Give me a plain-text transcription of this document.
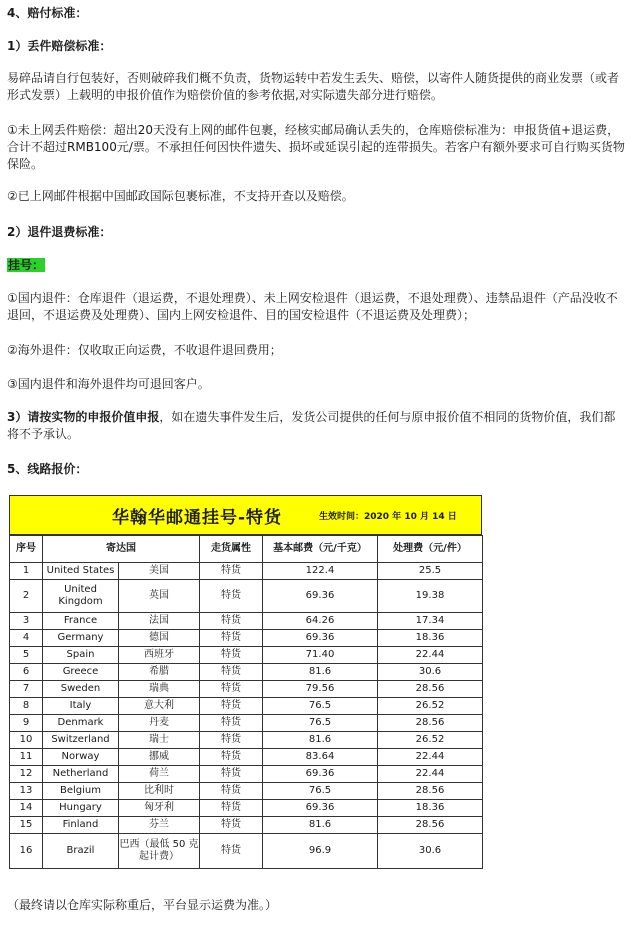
4、赔付标准：
1）丢件赔偿标准：
易碎品请自行包装好，否则破碎我们概不负责，货物运转中若发生丢失、赔偿，以寄件人随货提供的商业发票（或者形式发票）上载明的申报价值作为赔偿价值的参考依据,对实际遗失部分进行赔偿。
①未上网丢件赔偿：超出20天没有上网的邮件包裹，经核实邮局确认丢失的，仓库赔偿标准为：申报货值+退运费，合计不超过RMB100元/票。不承担任何因快件遗失、损坏或延误引起的连带损失。若客户有额外要求可自行购买货物保险。
②已上网邮件根据中国邮政国际包裹标准，不支持开查以及赔偿。
2）退件退费标准：
挂号：
①国内退件：仓库退件（退运费，不退处理费）、未上网安检退件（退运费，不退处理费）、违禁品退件（产品没收不退回，不退运费及处理费）、国内上网安检退件、目的国安检退件（不退运费及处理费）；
②海外退件：仅收取正向运费，不收退件退回费用；
③国内退件和海外退件均可退回客户。
3）请按实物的申报价值申报，如在遗失事件发生后，发货公司提供的任何与原申报价值不相同的货物价值，我们都将不予承认。
5、线路报价：
华翰华邮通挂号-特货	生效时间：2020 年 10 月 14 日
序号	寄达国		走货属性	基本邮费（元/千克）	处理费（元/件）
1	United States	美国	特货	122.4	25.5
2	United Kingdom	英国	特货	69.36	19.38
3	France	法国	特货	64.26	17.34
4	Germany	德国	特货	69.36	18.36
5	Spain	西班牙	特货	71.40	22.44
6	Greece	希腊	特货	81.6	30.6
7	Sweden	瑞典	特货	79.56	28.56
8	Italy	意大利	特货	76.5	26.52
9	Denmark	丹麦	特货	76.5	28.56
10	Switzerland	瑞士	特货	81.6	26.52
11	Norway	挪威	特货	83.64	22.44
12	Netherland	荷兰	特货	69.36	22.44
13	Belgium	比利时	特货	76.5	28.56
14	Hungary	匈牙利	特货	69.36	18.36
15	Finland	芬兰	特货	81.6	28.56
16	Brazil	巴西（最低 50 克起计费）	特货	96.9	30.6
（最终请以仓库实际称重后，平台显示运费为准。）
